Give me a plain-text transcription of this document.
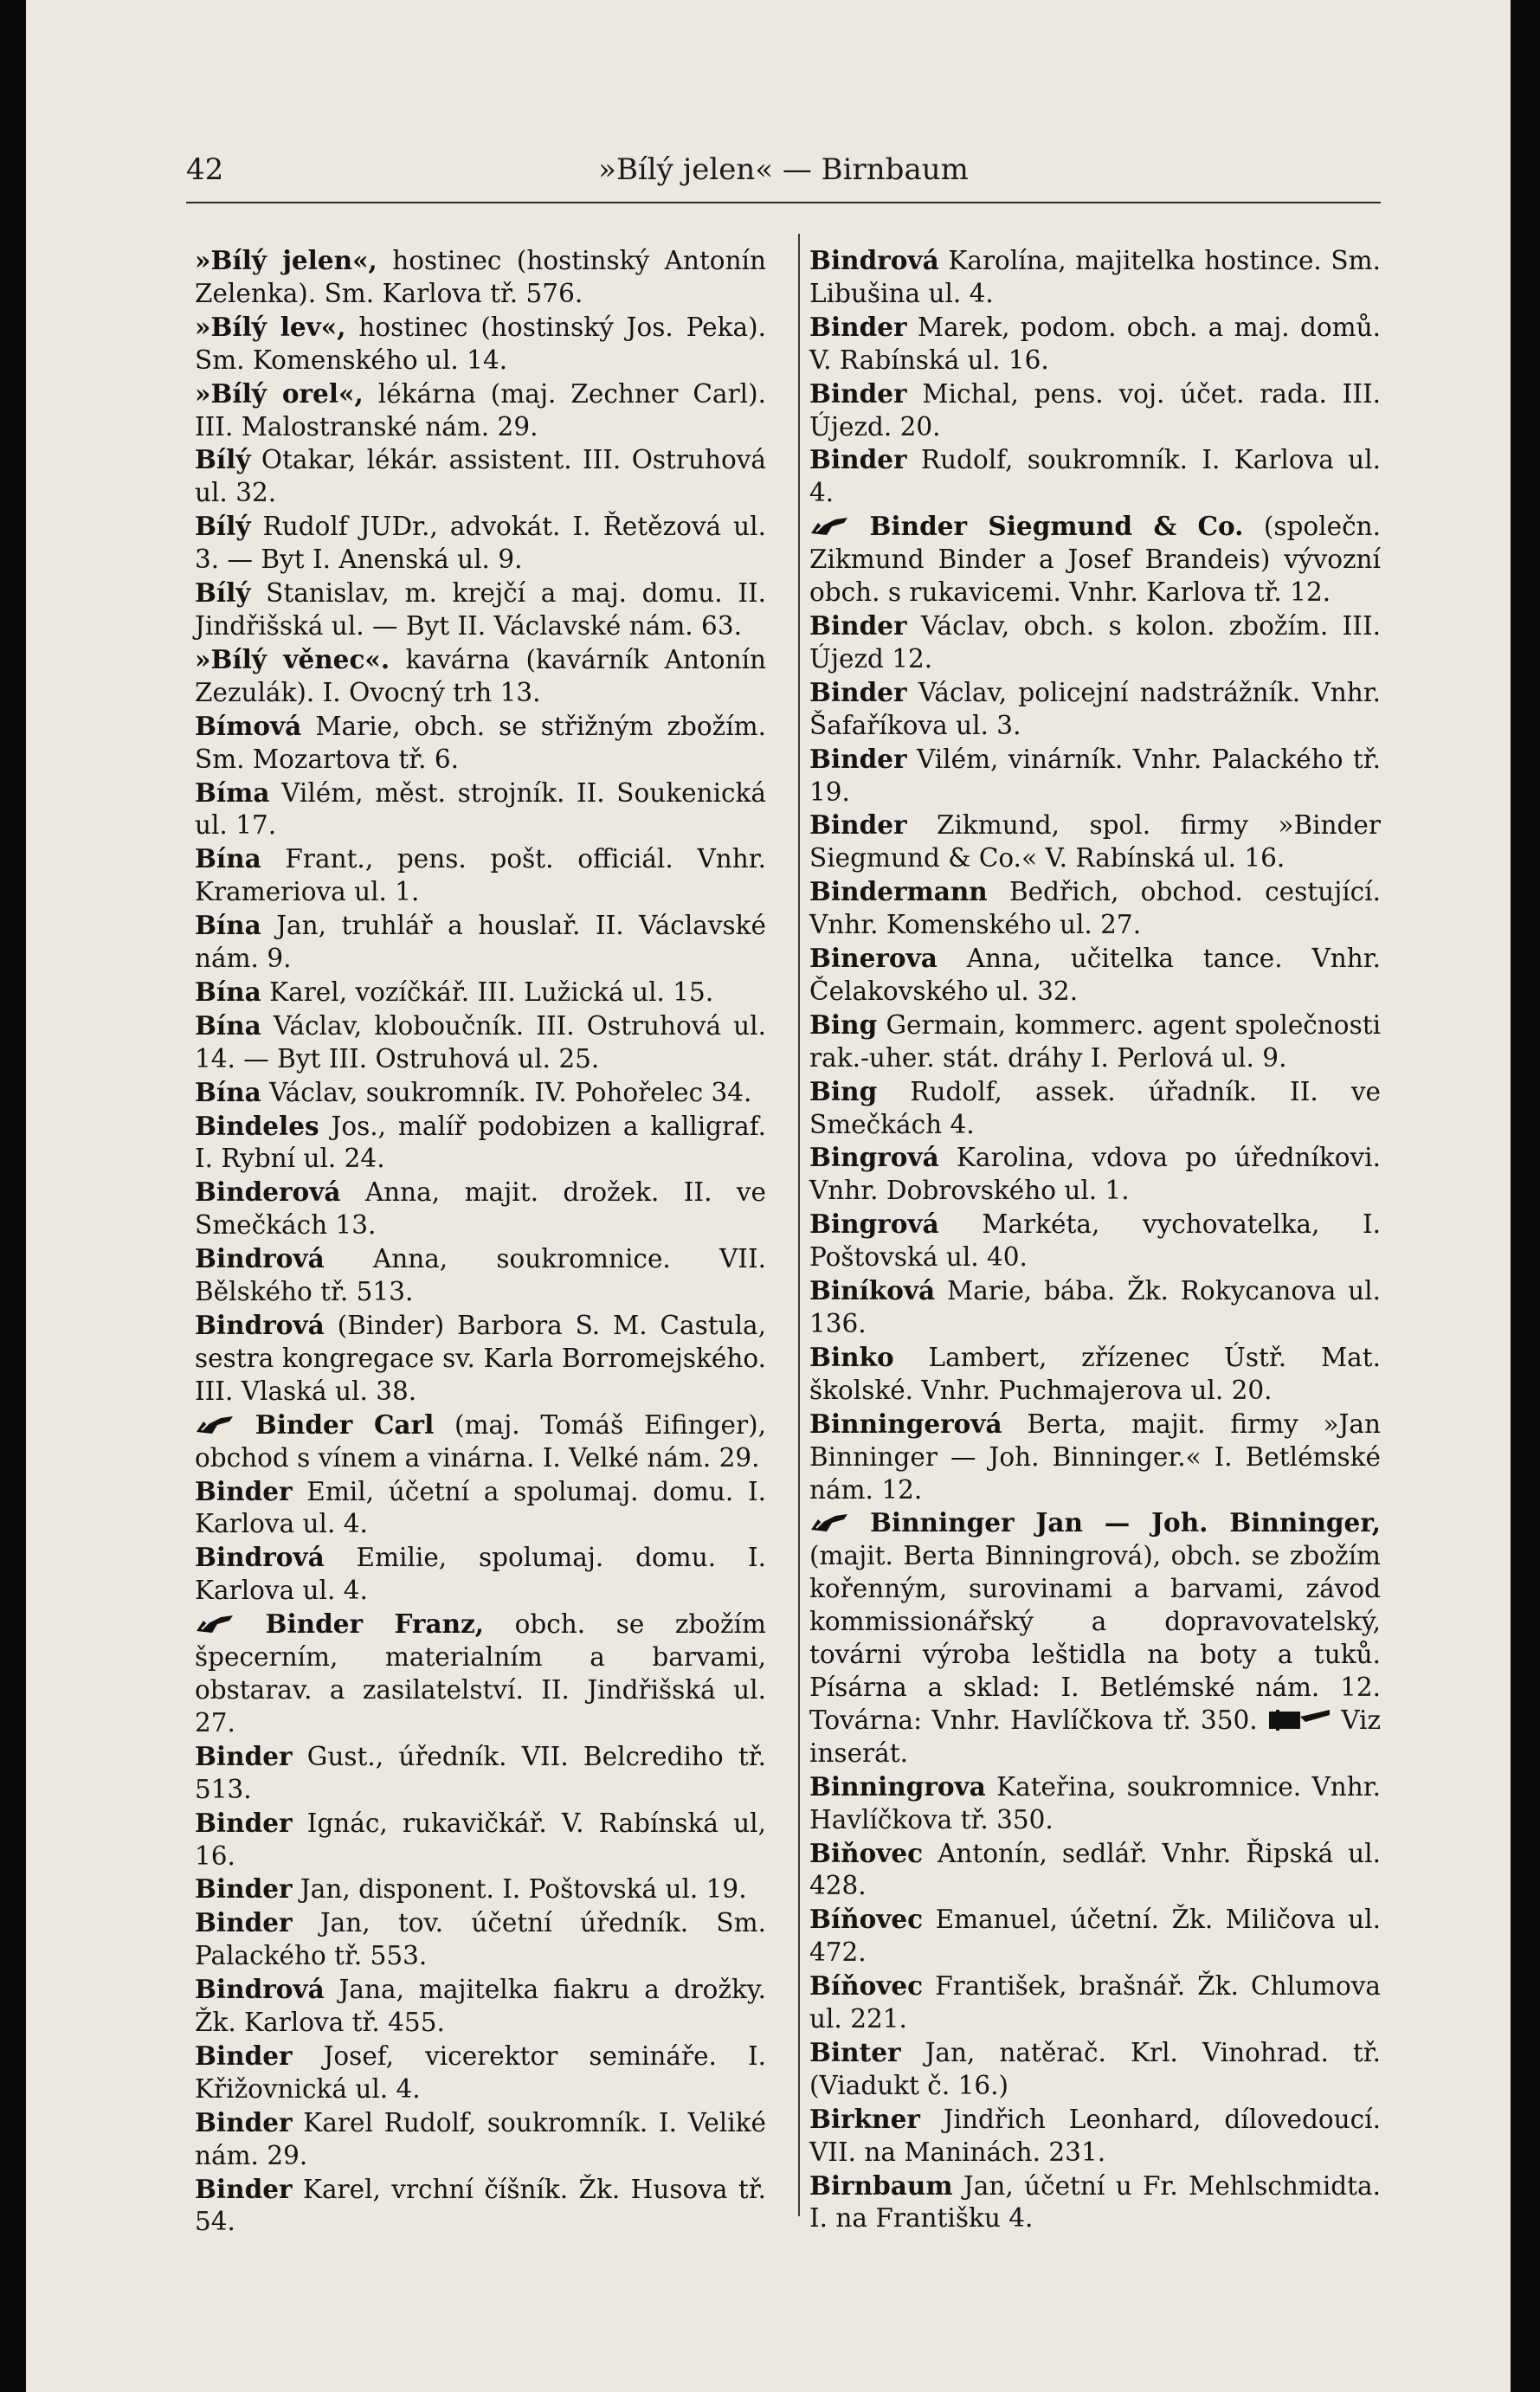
42	»Bílý jelen« — Birnbaum
»Bílý jelen«, hostinec (hostinský Antonín Zelenka). Sm. Karlova tř. 576.
»Bílý lev«, hostinec (hostinský Jos. Peka). Sm. Komenského ul. 14.
»Bílý orel«, lékárna (maj. Zechner Carl). III. Malostranské nám. 29.
Bílý Otakar, lékár. assistent. III. Ostruhová ul. 32.
Bílý Rudolf JUDr., advokát. I. Řetězová ul. 3. — Byt I. Anenská ul. 9.
Bílý Stanislav, m. krejčí a maj. domu. II. Jindřišská ul. — Byt II. Václavské nám. 63.
»Bílý věnec«. kavárna (kavárník Antonín Zezulák). I. Ovocný trh 13.
Bímová Marie, obch. se střižným zbožím. Sm. Mozartova tř. 6.
Bíma Vilém, měst. strojník. II. Soukenická ul. 17.
Bína Frant., pens. pošt. officiál. Vnhr. Krameriova ul. 1.
Bína Jan, truhlář a houslař. II. Václavské nám. 9.
Bína Karel, vozíčkář. III. Lužická ul. 15.
Bína Václav, kloboučník. III. Ostruhová ul. 14. — Byt III. Ostruhová ul. 25.
Bína Václav, soukromník. IV. Pohořelec 34.
Bindeles Jos., malíř podobizen a kalligraf. I. Rybní ul. 24.
Binderová Anna, majit. drožek. II. ve Smečkách 13.
Bindrová Anna, soukromnice. VII. Bělského tř. 513.
Bindrová (Binder) Barbora S. M. Castula, sestra kongregace sv. Karla Borromejského. III. Vlaská ul. 38.
Binder Carl (maj. Tomáš Eifinger), obchod s vínem a vinárna. I. Velké nám. 29.
Binder Emil, účetní a spolumaj. domu. I. Karlova ul. 4.
Bindrová Emilie, spolumaj. domu. I. Karlova ul. 4.
Binder Franz, obch. se zbožím špecerním, materialním a barvami, obstarav. a zasilatelství. II. Jindřišská ul. 27.
Binder Gust., úředník. VII. Belcrediho tř. 513.
Binder Ignác, rukavičkář. V. Rabínská ul, 16.
Binder Jan, disponent. I. Poštovská ul. 19.
Binder Jan, tov. účetní úředník. Sm. Palackého tř. 553.
Bindrová Jana, majitelka fiakru a drožky. Žk. Karlova tř. 455.
Binder Josef, vicerektor semináře. I. Křižovnická ul. 4.
Binder Karel Rudolf, soukromník. I. Veliké nám. 29.
Binder Karel, vrchní číšník. Žk. Husova tř. 54.
Bindrová Karolína, majitelka hostince. Sm. Libušina ul. 4.
Binder Marek, podom. obch. a maj. domů. V. Rabínská ul. 16.
Binder Michal, pens. voj. účet. rada. III. Újezd. 20.
Binder Rudolf, soukromník. I. Karlova ul. 4.
Binder Siegmund & Co. (společn. Zikmund Binder a Josef Brandeis) vývozní obch. s rukavicemi. Vnhr. Karlova tř. 12.
Binder Václav, obch. s kolon. zbožím. III. Újezd 12.
Binder Václav, policejní nadstrážník. Vnhr. Šafaříkova ul. 3.
Binder Vilém, vinárník. Vnhr. Palackého tř. 19.
Binder Zikmund, spol. firmy »Binder Siegmund & Co.« V. Rabínská ul. 16.
Bindermann Bedřich, obchod. cestující. Vnhr. Komenského ul. 27.
Binerova Anna, učitelka tance. Vnhr. Čelakovského ul. 32.
Bing Germain, kommerc. agent společnosti rak.-uher. stát. dráhy I. Perlová ul. 9.
Bing Rudolf, assek. úřadník. II. ve Smečkách 4.
Bingrová Karolina, vdova po úředníkovi. Vnhr. Dobrovského ul. 1.
Bingrová Markéta, vychovatelka, I. Poštovská ul. 40.
Biníková Marie, bába. Žk. Rokycanova ul. 136.
Binko Lambert, zřízenec Ústř. Mat. školské. Vnhr. Puchmajerova ul. 20.
Binningerová Berta, majit. firmy »Jan Binninger — Joh. Binninger.« I. Betlémské nám. 12.
Binninger Jan — Joh. Binninger, (majit. Berta Binningrová), obch. se zbožím kořenným, surovinami a barvami, závod kommissionářský a dopravovatelský, továrni výroba leštidla na boty a tuků. Písárna a sklad: I. Betlémské nám. 12. Továrna: Vnhr. Havlíčkova tř. 350.	Viz inserát.
Binningrova Kateřina, soukromnice. Vnhr. Havlíčkova tř. 350.
Biňovec Antonín, sedlář. Vnhr. Řipská ul. 428.
Bíňovec Emanuel, účetní. Žk. Miličova ul. 472.
Bíňovec František, brašnář. Žk. Chlumova ul. 221.
Binter Jan, natěrač. Krl. Vinohrad. tř. (Viadukt č. 16.)
Birkner Jindřich Leonhard, dílovedoucí. VII. na Maninách. 231.
Birnbaum Jan, účetní u Fr. Mehlschmidta. I. na Františku 4.
